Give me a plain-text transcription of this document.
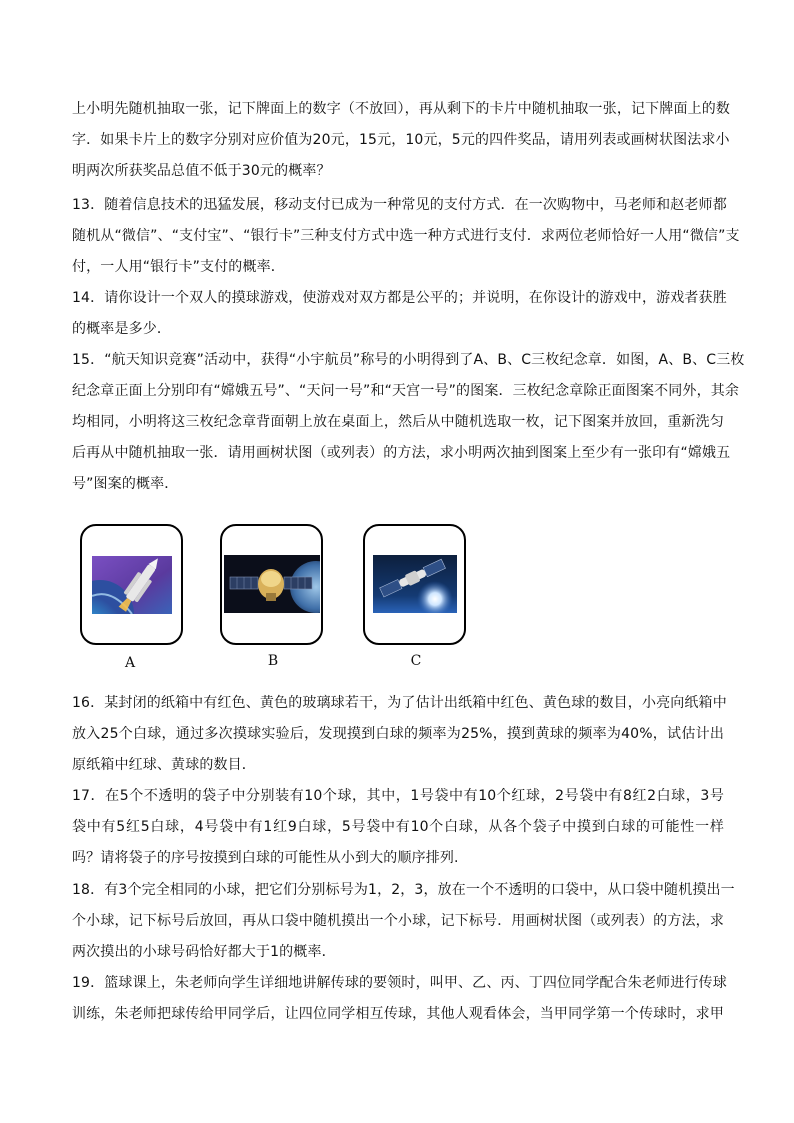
上小明先随机抽取一张，记下牌面上的数字（不放回），再从剩下的卡片中随机抽取一张，记下牌面上的数
字．如果卡片上的数字分别对应价值为20元，15元，10元，5元的四件奖品，请用列表或画树状图法求小
明两次所获奖品总值不低于30元的概率？
13．随着信息技术的迅猛发展，移动支付已成为一种常见的支付方式．在一次购物中，马老师和赵老师都
随机从“微信”、“支付宝”、“银行卡”三种支付方式中选一种方式进行支付．求两位老师恰好一人用“微信”支
付，一人用“银行卡”支付的概率．
14．请你设计一个双人的摸球游戏，使游戏对双方都是公平的；并说明，在你设计的游戏中，游戏者获胜
的概率是多少．
15．“航天知识竞赛”活动中，获得“小宇航员”称号的小明得到了A、B、C三枚纪念章．如图，A、B、C三枚
纪念章正面上分别印有“嫦娥五号”、“天问一号”和“天宫一号”的图案．三枚纪念章除正面图案不同外，其余
均相同，小明将这三枚纪念章背面朝上放在桌面上，然后从中随机选取一枚，记下图案并放回，重新洗匀
后再从中随机抽取一张．请用画树状图（或列表）的方法，求小明两次抽到图案上至少有一张印有“嫦娥五
号”图案的概率．
A	B	C
16．某封闭的纸箱中有红色、黄色的玻璃球若干，为了估计出纸箱中红色、黄色球的数目，小亮向纸箱中
放入25个白球，通过多次摸球实验后，发现摸到白球的频率为25%，摸到黄球的频率为40%，试估计出
原纸箱中红球、黄球的数目．
17．在5个不透明的袋子中分别装有10个球，其中，1号袋中有10个红球，2号袋中有8红2白球，3号
袋中有5红5白球，4号袋中有1红9白球，5号袋中有10个白球，从各个袋子中摸到白球的可能性一样
吗？请将袋子的序号按摸到白球的可能性从小到大的顺序排列.
18．有3个完全相同的小球，把它们分别标号为1，2，3，放在一个不透明的口袋中，从口袋中随机摸出一
个小球，记下标号后放回，再从口袋中随机摸出一个小球，记下标号．用画树状图（或列表）的方法，求
两次摸出的小球号码恰好都大于1的概率．
19．篮球课上，朱老师向学生详细地讲解传球的要领时，叫甲、乙、丙、丁四位同学配合朱老师进行传球
训练，朱老师把球传给甲同学后，让四位同学相互传球，其他人观看体会，当甲同学第一个传球时，求甲
